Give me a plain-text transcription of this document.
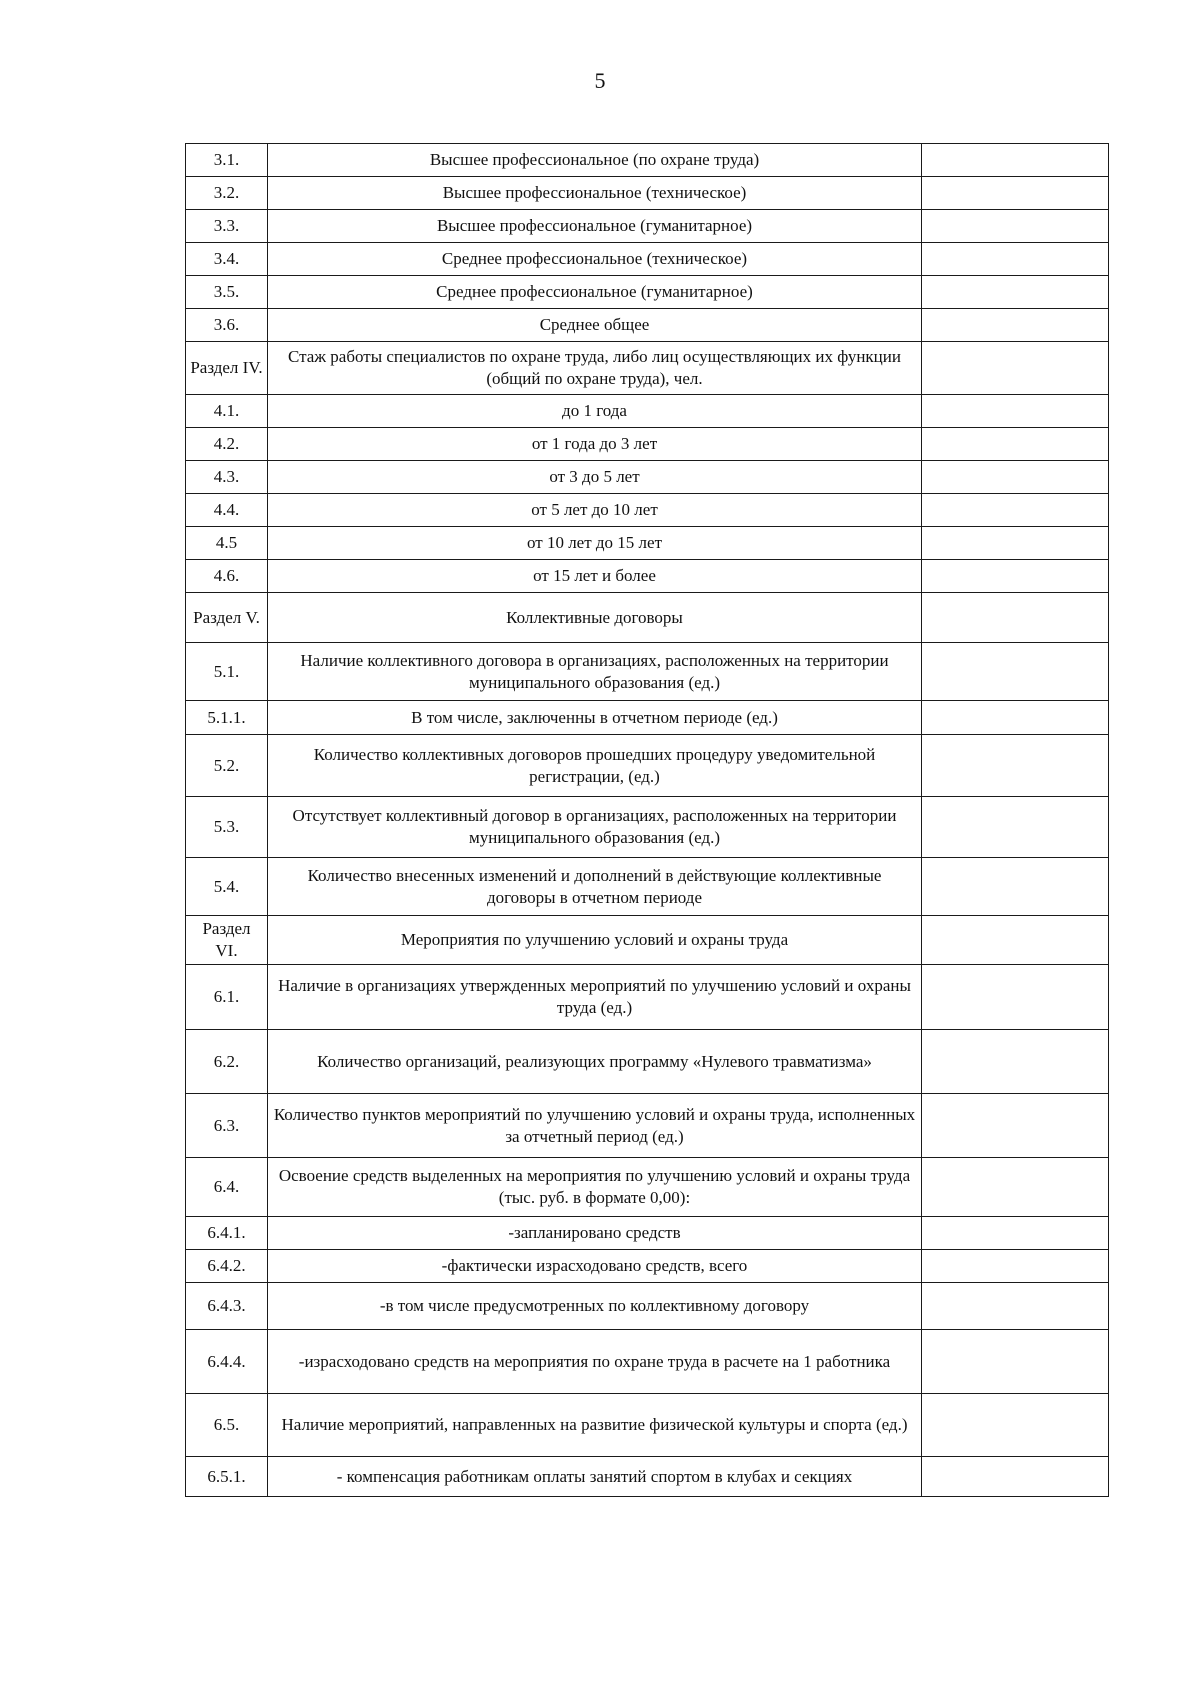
5
3.1.	Высшее профессиональное (по охране труда)	
3.2.	Высшее профессиональное (техническое)	
3.3.	Высшее профессиональное (гуманитарное)	
3.4.	Среднее профессиональное (техническое)	
3.5.	Среднее профессиональное (гуманитарное)	
3.6.	Среднее общее	
Раздел IV.	Стаж работы специалистов по охране труда, либо лиц осуществляющих их функции (общий по охране труда), чел.	
4.1.	до 1 года	
4.2.	от 1 года до 3 лет	
4.3.	от 3 до 5 лет	
4.4.	от 5 лет до 10 лет	
4.5	от 10 лет до 15 лет	
4.6.	от 15 лет и более	
Раздел V.	Коллективные договоры	
5.1.	Наличие коллективного договора в организациях, расположенных на территории муниципального образования (ед.)	
5.1.1.	В том числе, заключенны в отчетном периоде (ед.)	
5.2.	Количество коллективных договоров прошедших процедуру уведомительной регистрации, (ед.)	
5.3.	Отсутствует коллективный договор в организациях, расположенных на территории муниципального образования (ед.)	
5.4.	Количество внесенных изменений и дополнений в действующие коллективные договоры в отчетном периоде	
Раздел VI.	Мероприятия по улучшению условий и охраны труда	
6.1.	Наличие в организациях утвержденных мероприятий по улучшению условий и охраны труда (ед.)	
6.2.	Количество организаций, реализующих программу «Нулевого травматизма»	
6.3.	Количество пунктов мероприятий по улучшению условий и охраны труда, исполненных за отчетный период (ед.)	
6.4.	Освоение средств выделенных на мероприятия по улучшению условий и охраны труда (тыс. руб. в формате 0,00):	
6.4.1.	-запланировано средств	
6.4.2.	-фактически израсходовано средств, всего	
6.4.3.	-в том числе предусмотренных по коллективному договору	
6.4.4.	-израсходовано средств на мероприятия по охране труда в расчете на 1 работника	
6.5.	Наличие мероприятий, направленных на развитие физической культуры и спорта (ед.)	
6.5.1.	- компенсация работникам оплаты занятий спортом в клубах и секциях	
